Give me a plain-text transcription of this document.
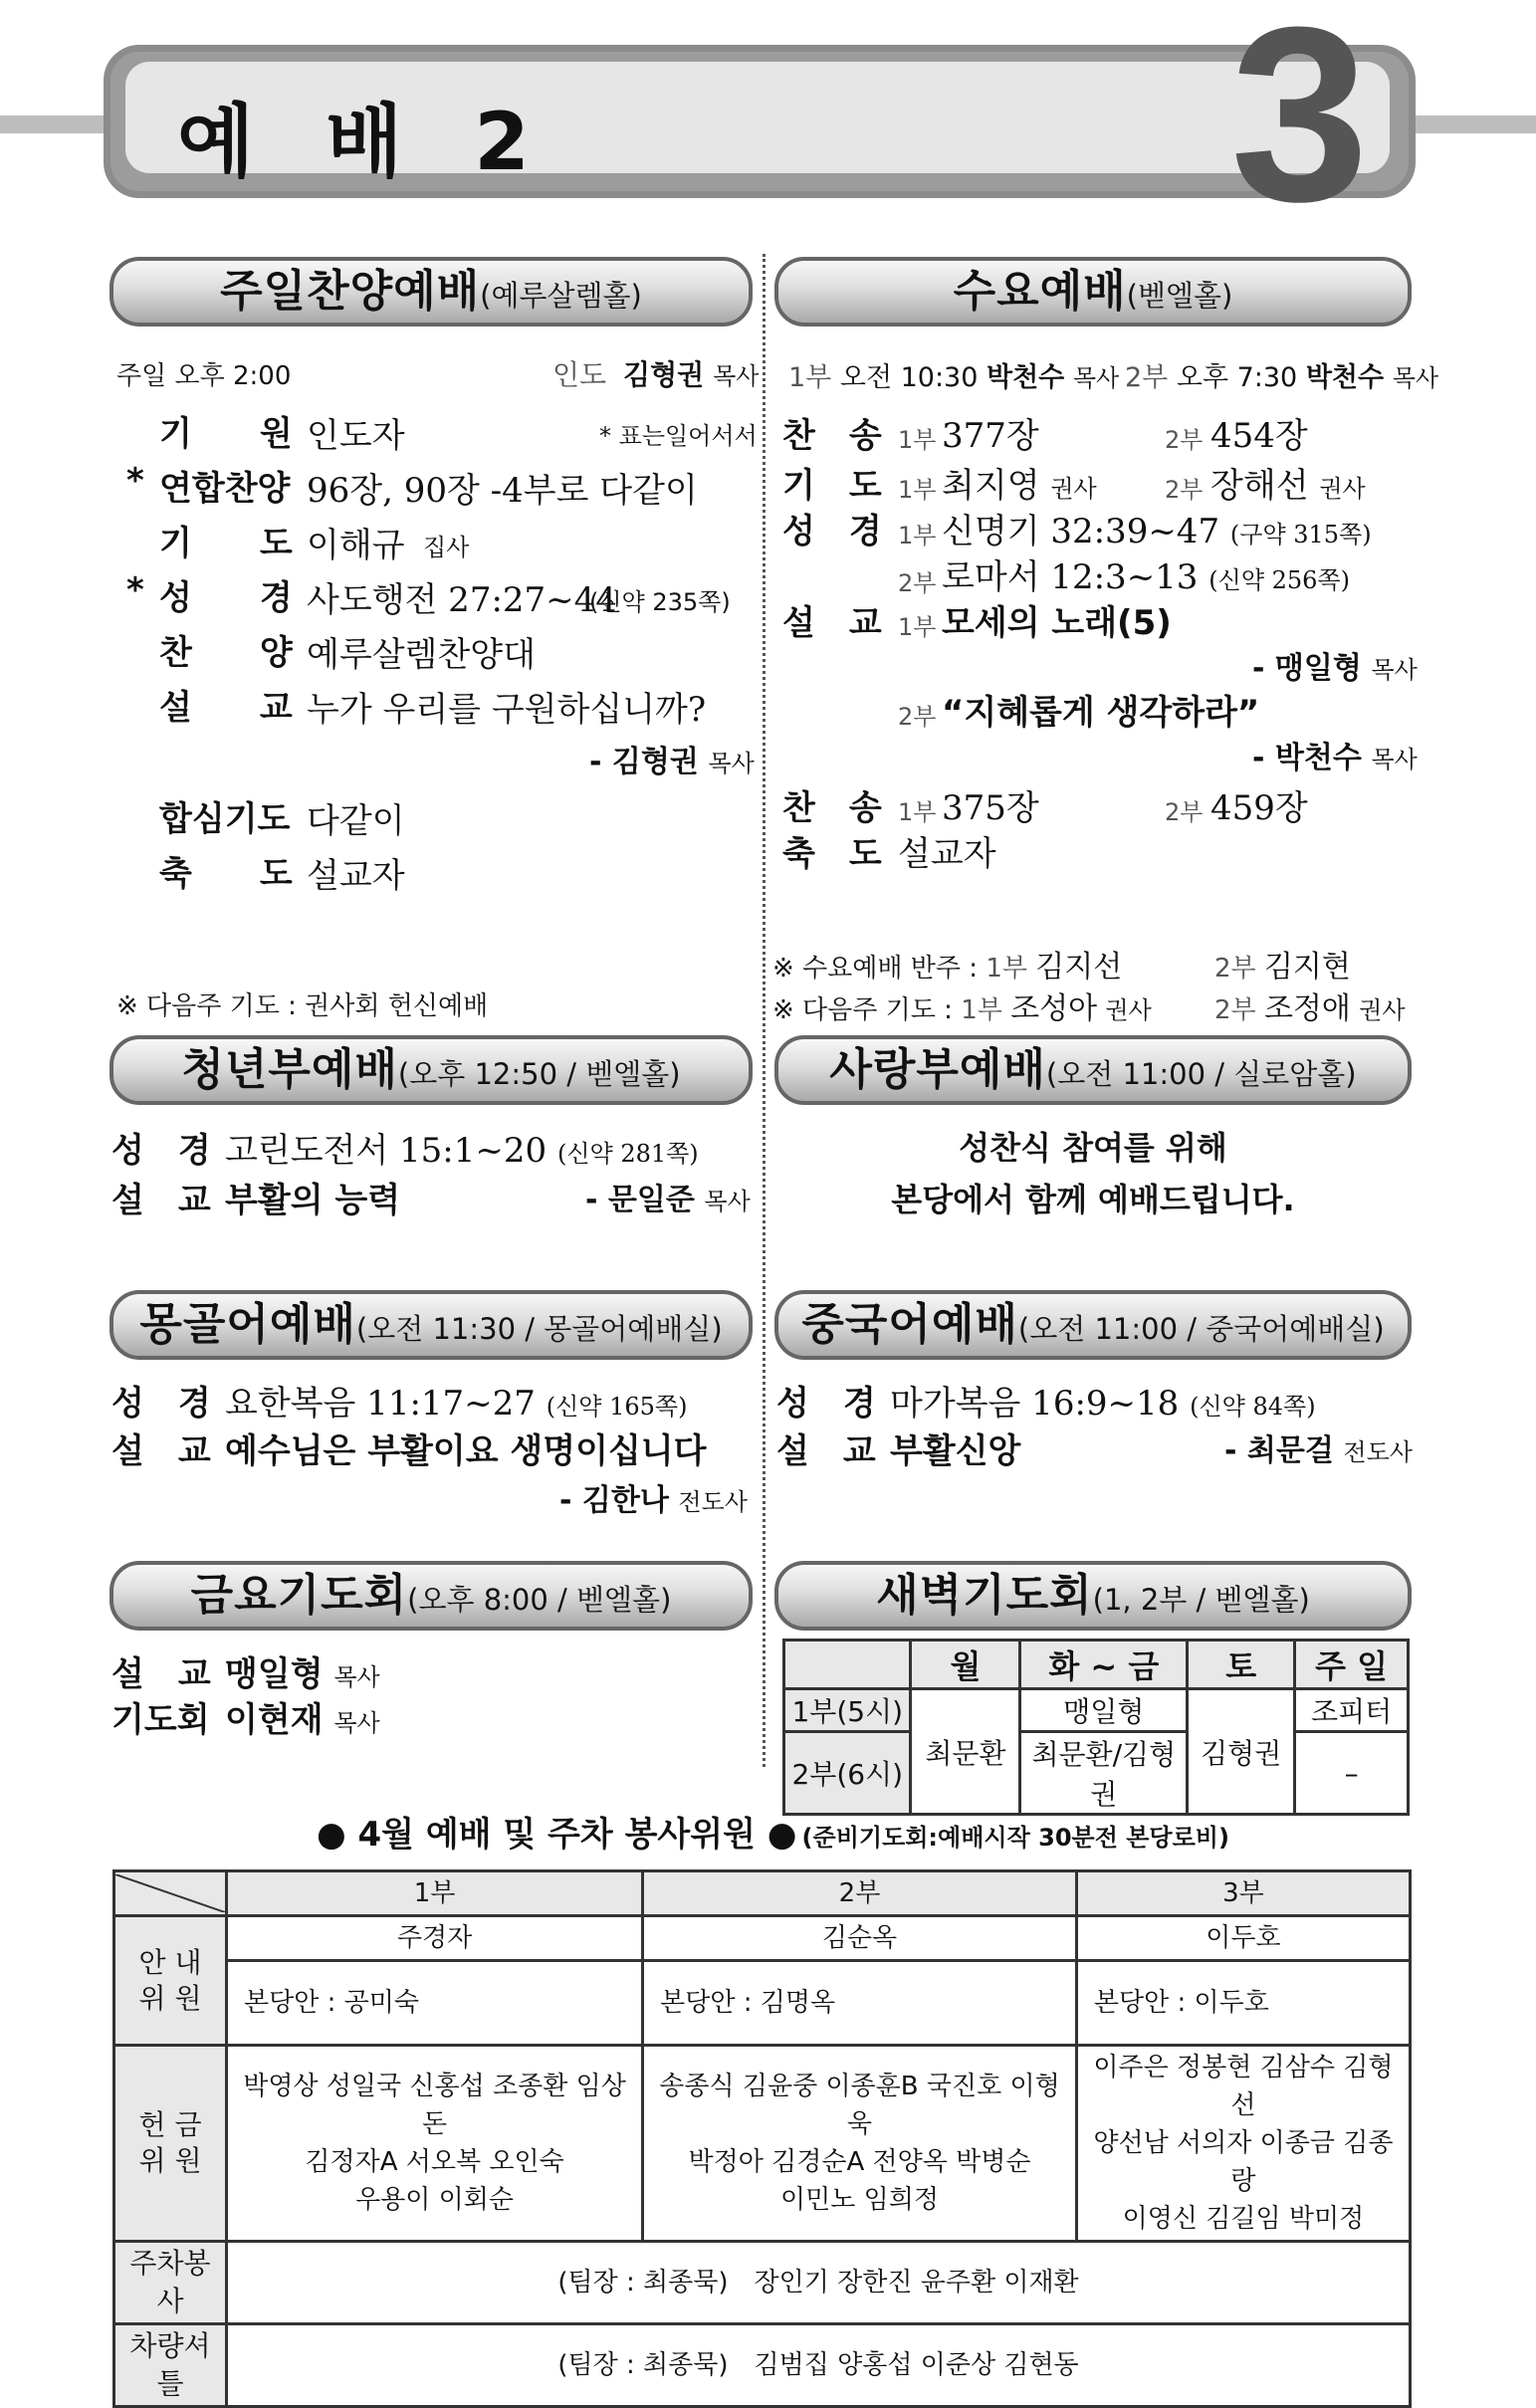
예 배 2	3
주일찬양예배(예루살렘홀)
주일 오후 2:00	인도 김형권 목사
* 표는일어서서
기　　원 인도자
* 연합찬양 96장, 90장 -4부로 다같이
기　　도 이해규 집사
* 성　　경 사도행전 27:27~44
(신약 235쪽)
찬　　양 예루살렘찬양대
설　　교 누가 우리를 구원하십니까?
- 김형권 목사
합심기도 다같이
축　　도 설교자
※ 다음주 기도 : 권사회 헌신예배
수요예배(벧엘홀)
1부 오전 10:30 박천수 목사 2부 오후 7:30 박천수 목사
찬　송 1부 377장	2부 454장
기　도 1부 최지영 권사	2부 장해선 권사
성　경 1부 신명기 32:39~47 (구약 315쪽)
2부 로마서 12:3~13 (신약 256쪽)
설　교 1부 모세의 노래(5)
- 맹일형 목사
2부 “지혜롭게 생각하라”
- 박천수 목사
찬　송 1부 375장	2부 459장
축　도 설교자
※ 수요예배 반주 : 1부 김지선	2부 김지현
※ 다음주 기도 : 1부 조성아 권사 2부 조정애 권사
청년부예배(오후 12:50 / 벧엘홀)
성　경 고린도전서 15:1~20 (신약 281쪽)
설　교 부활의 능력	- 문일준 목사
사랑부예배(오전 11:00 / 실로암홀)
성찬식 참여를 위해
본당에서 함께 예배드립니다.
몽골어예배(오전 11:30 / 몽골어예배실)
성　경 요한복음 11:17~27 (신약 165쪽)
설　교 예수님은 부활이요 생명이십니다
- 김한나 전도사
중국어예배(오전 11:00 / 중국어예배실)
성　경 마가복음 16:9~18 (신약 84쪽)
설　교 부활신앙	- 최문걸 전도사
금요기도회(오후 8:00 / 벧엘홀)
설　교 맹일형 목사
기도회 이현재 목사
새벽기도회(1, 2부 / 벧엘홀)
	월	화 ~ 금	토	주 일
1부(5시)	최문환	맹일형	김형권	조피터
2부(6시)		최문환/김형권		–
● 4월 예배 및 주차 봉사위원 ● (준비기도회:예배시작 30분전 본당로비)
	1부	2부	3부
안 내
위 원	주경자	김순옥	이두호
	본당안 : 공미숙	본당안 : 김명옥	본당안 : 이두호
헌 금
위 원	박영상 성일국 신홍섭 조종환 임상돈
김정자A 서오복 오인숙
우용이 이회순	송종식 김윤중 이종훈B 국진호 이형욱
박정아 김경순A 전양옥 박병순
이민노 임희정	이주은 정봉현 김삼수 김형선
양선남 서의자 이종금 김종랑
이영신 김길임 박미정
주차봉사	(팀장 : 최종묵)　장인기 장한진 윤주환 이재환		
차량셔틀	(팀장 : 최종묵)　김범집 양홍섭 이준상 김현동		
